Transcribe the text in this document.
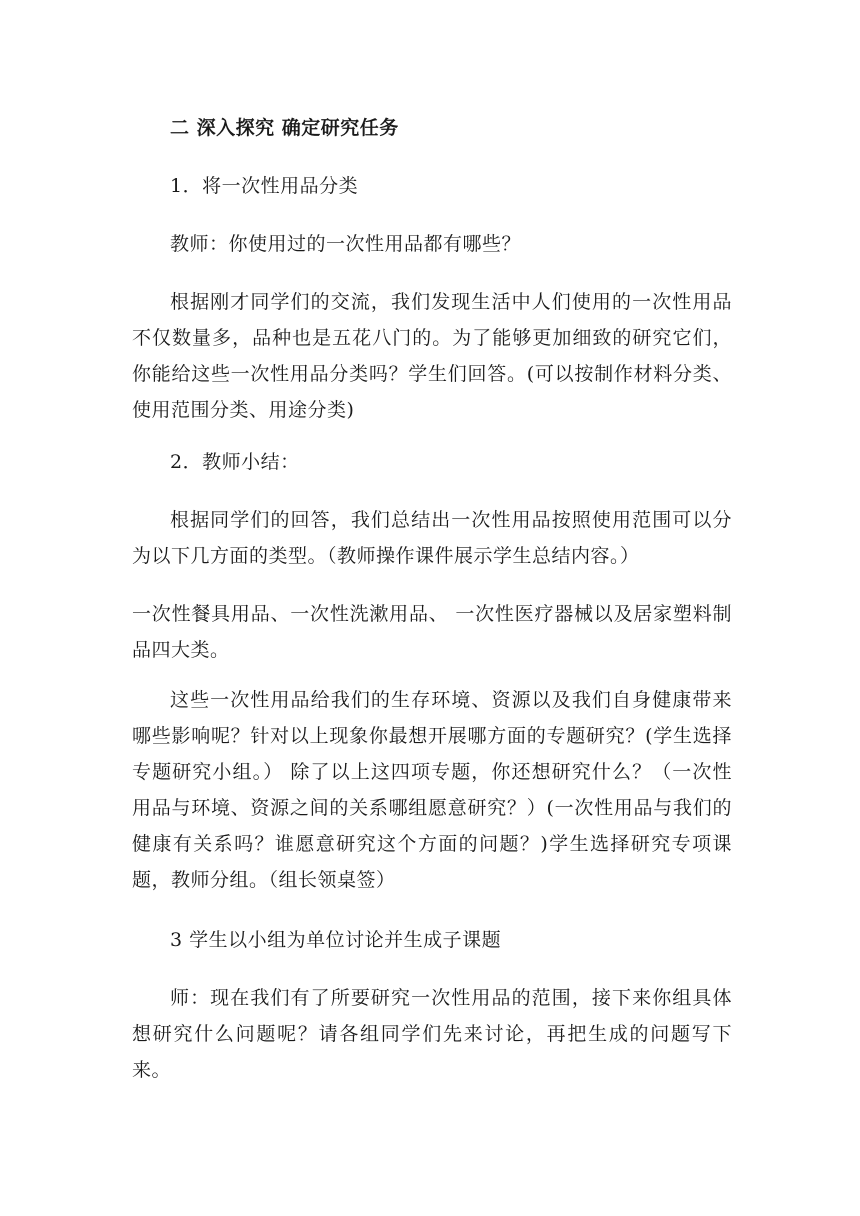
二 深入探究 确定研究任务

1．将一次性用品分类

教师：你使用过的一次性用品都有哪些？

根据刚才同学们的交流，我们发现生活中人们使用的一次性用品不仅数量多，品种也是五花八门的。为了能够更加细致的研究它们，你能给这些一次性用品分类吗？学生们回答。(可以按制作材料分类、使用范围分类、用途分类)

2．教师小结：

根据同学们的回答，我们总结出一次性用品按照使用范围可以分为以下几方面的类型。（教师操作课件展示学生总结内容。）

一次性餐具用品、一次性洗漱用品、 一次性医疗器械以及居家塑料制品四大类。

这些一次性用品给我们的生存环境、资源以及我们自身健康带来哪些影响呢？针对以上现象你最想开展哪方面的专题研究？(学生选择专题研究小组。） 除了以上这四项专题，你还想研究什么？（一次性用品与环境、资源之间的关系哪组愿意研究？）(一次性用品与我们的健康有关系吗？谁愿意研究这个方面的问题？)学生选择研究专项课题，教师分组。（组长领桌签）

3 学生以小组为单位讨论并生成子课题

师：现在我们有了所要研究一次性用品的范围，接下来你组具体想研究什么问题呢？请各组同学们先来讨论，再把生成的问题写下来。
